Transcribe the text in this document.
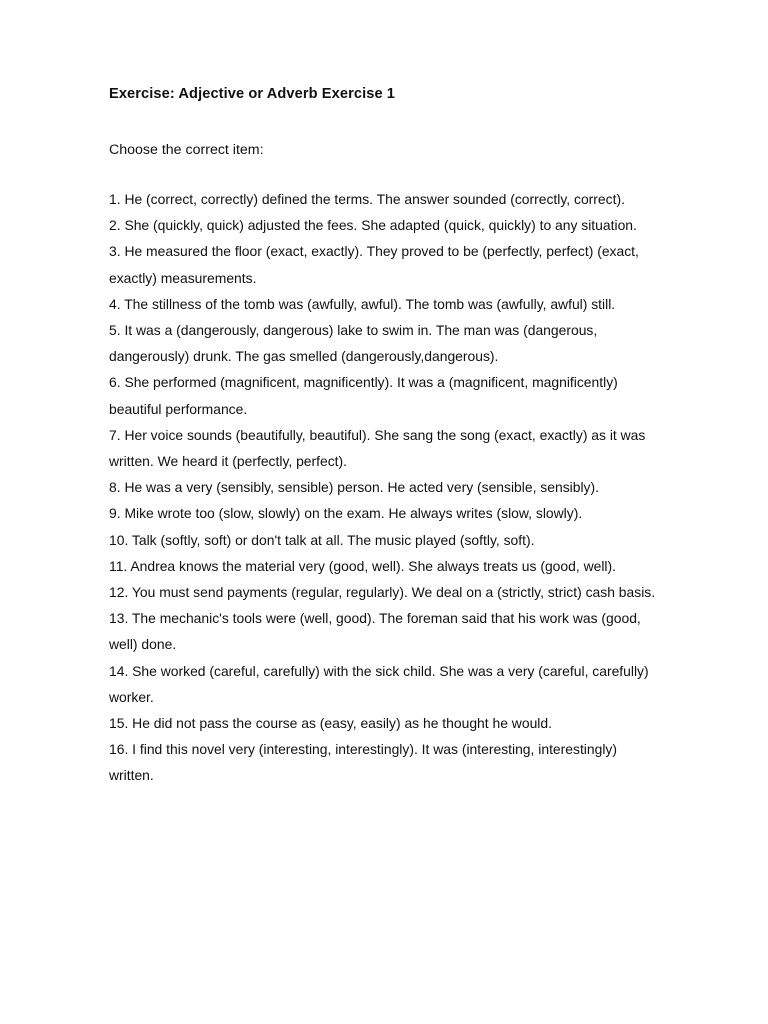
Exercise: Adjective or Adverb Exercise 1

Choose the correct item:

1. He (correct, correctly) defined the terms. The answer sounded (correctly, correct).
2. She (quickly, quick) adjusted the fees. She adapted (quick, quickly) to any situation.
3. He measured the floor (exact, exactly). They proved to be (perfectly, perfect) (exact, exactly) measurements.
4. The stillness of the tomb was (awfully, awful). The tomb was (awfully, awful) still.
5. It was a (dangerously, dangerous) lake to swim in. The man was (dangerous, dangerously) drunk. The gas smelled (dangerously,dangerous).
6. She performed (magnificent, magnificently). It was a (magnificent, magnificently) beautiful performance.
7. Her voice sounds (beautifully, beautiful). She sang the song (exact, exactly) as it was written. We heard it (perfectly, perfect).
8. He was a very (sensibly, sensible) person. He acted very (sensible, sensibly).
9. Mike wrote too (slow, slowly) on the exam. He always writes (slow, slowly).
10. Talk (softly, soft) or don't talk at all. The music played (softly, soft).
11. Andrea knows the material very (good, well). She always treats us (good, well).
12. You must send payments (regular, regularly). We deal on a (strictly, strict) cash basis.
13. The mechanic's tools were (well, good). The foreman said that his work was (good, well) done.
14. She worked (careful, carefully) with the sick child. She was a very (careful, carefully) worker.
15. He did not pass the course as (easy, easily) as he thought he would.
16. I find this novel very (interesting, interestingly). It was (interesting, interestingly) written.
